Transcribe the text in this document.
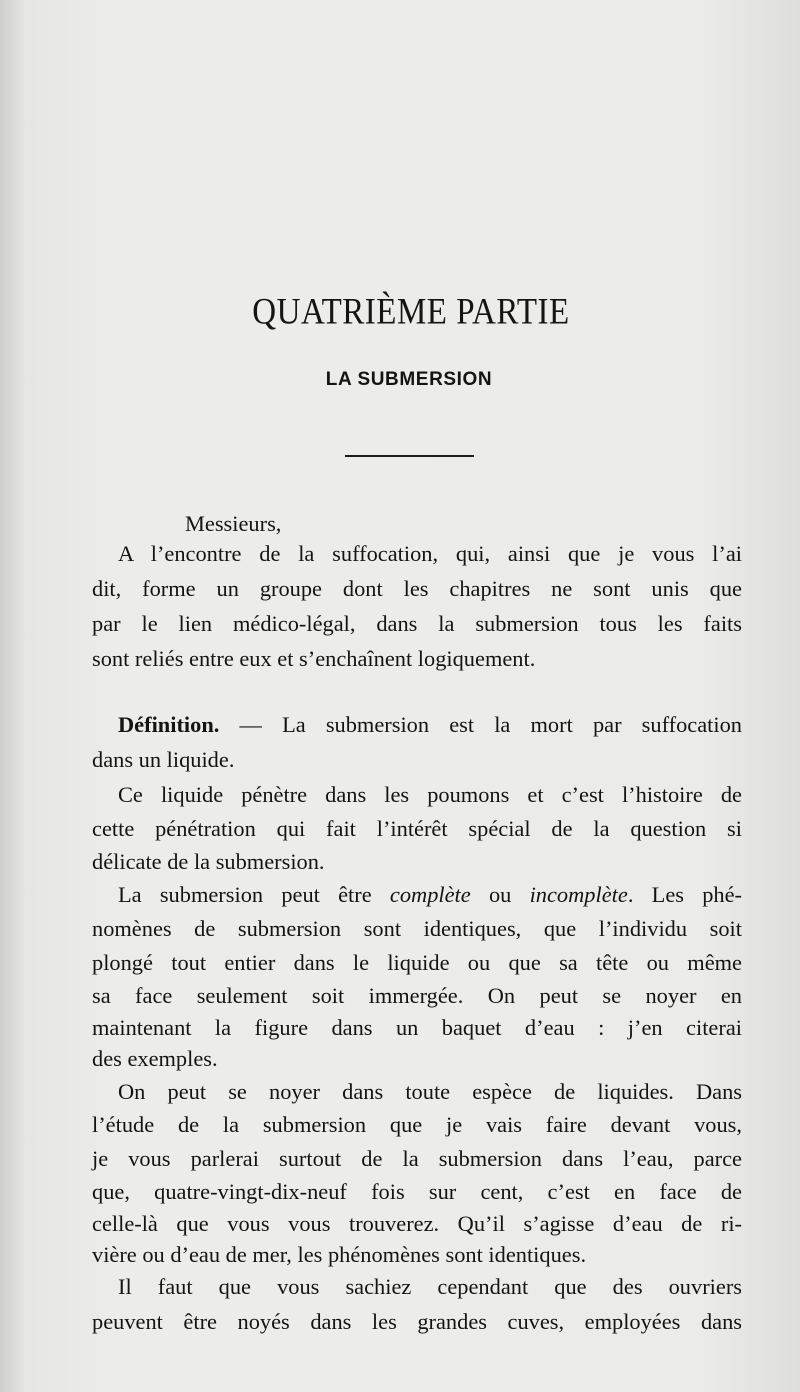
QUATRIÈME PARTIE
LA SUBMERSION
Messieurs,
A l’encontre de la suffocation, qui, ainsi que je vous l’ai
dit, forme un groupe dont les chapitres ne sont unis que
par le lien médico-légal, dans la submersion tous les faits
sont reliés entre eux et s’enchaînent logiquement.
Définition. — La submersion est la mort par suffocation
dans un liquide.
Ce liquide pénètre dans les poumons et c’est l’histoire de
cette pénétration qui fait l’intérêt spécial de la question si
délicate de la submersion.
La submersion peut être complète ou incomplète. Les phé-
nomènes de submersion sont identiques, que l’individu soit
plongé tout entier dans le liquide ou que sa tête ou même
sa face seulement soit immergée. On peut se noyer en
maintenant la figure dans un baquet d’eau : j’en citerai
des exemples.
On peut se noyer dans toute espèce de liquides. Dans
l’étude de la submersion que je vais faire devant vous,
je vous parlerai surtout de la submersion dans l’eau, parce
que, quatre-vingt-dix-neuf fois sur cent, c’est en face de
celle-là que vous vous trouverez. Qu’il s’agisse d’eau de ri-
vière ou d’eau de mer, les phénomènes sont identiques.
Il faut que vous sachiez cependant que des ouvriers
peuvent être noyés dans les grandes cuves, employées dans
